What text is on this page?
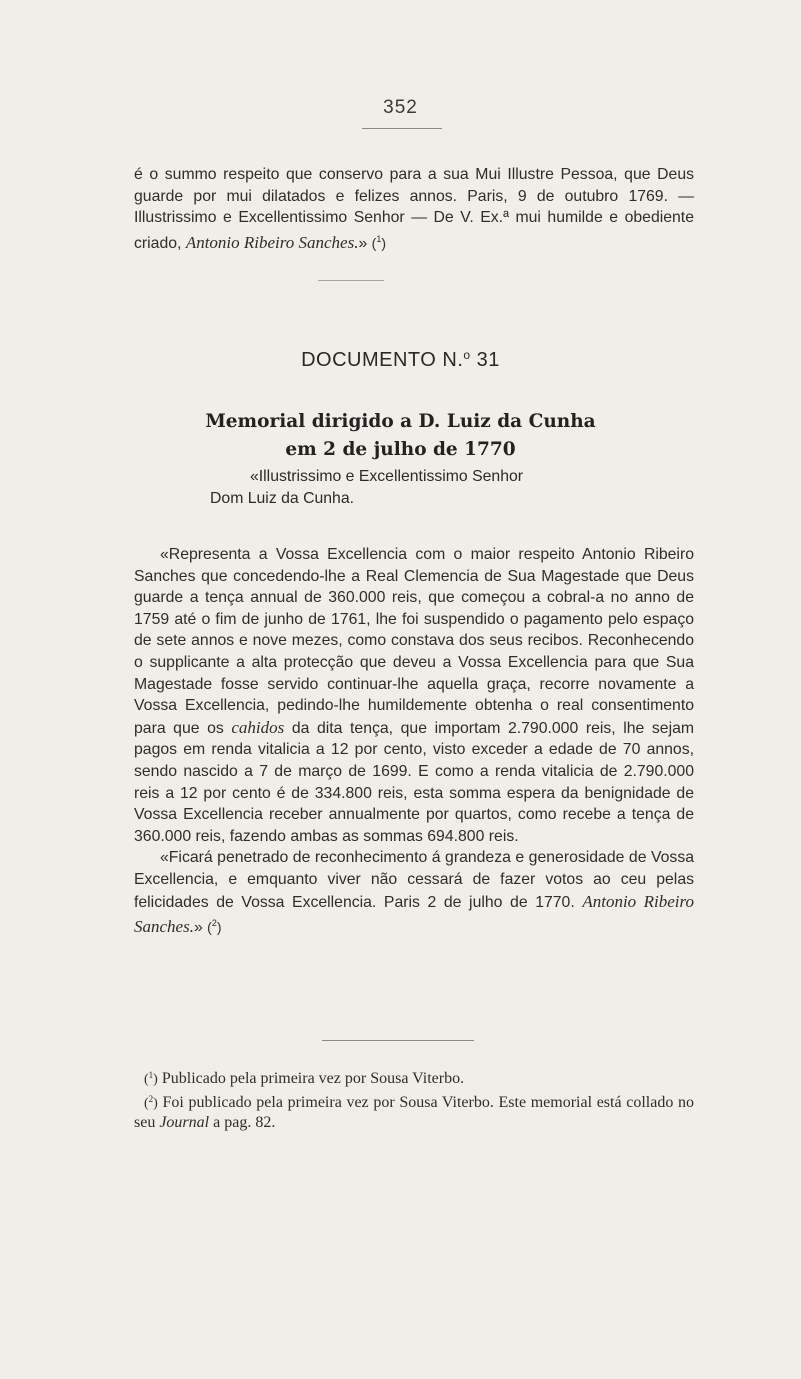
352

é o summo respeito que conservo para a sua Mui Illustre Pessoa, que Deus guarde por mui dilatados e felizes annos. Paris, 9 de outubro 1769. — Illustrissimo e Excellentissimo Senhor — De V. Ex.ª mui humilde e obediente criado, Antonio Ribeiro Sanches.» ($^1$)

DOCUMENTO N.$^o$ 31
Memorial dirigido a D. Luiz da Cunha
em 2 de julho de 1770
«Illustrissimo e Excellentissimo Senhor
Dom Luiz da Cunha.

«Representa a Vossa Excellencia com o maior respeito Antonio Ribeiro Sanches que concedendo-lhe a Real Clemencia de Sua Magestade que Deus guarde a tença annual de 360.000 reis, que começou a cobral-a no anno de 1759 até o fim de junho de 1761, lhe foi suspendido o pagamento pelo espaço de sete annos e nove mezes, como constava dos seus recibos. Reconhecendo o supplicante a alta protecção que deveu a Vossa Excellencia para que Sua Magestade fosse servido continuar-lhe aquella graça, recorre novamente a Vossa Excellencia, pedindo-lhe humildemente obtenha o real consentimento para que os cahidos da dita tença, que importam 2.790.000 reis, lhe sejam pagos em renda vitalicia a 12 por cento, visto exceder a edade de 70 annos, sendo nascido a 7 de março de 1699. E como a renda vitalicia de 2.790.000 reis a 12 por cento é de 334.800 reis, esta somma espera da benignidade de Vossa Excellencia receber annualmente por quartos, como recebe a tença de 360.000 reis, fazendo ambas as sommas 694.800 reis.

«Ficará penetrado de reconhecimento á grandeza e generosidade de Vossa Excellencia, e emquanto viver não cessará de fazer votos ao ceu pelas felicidades de Vossa Excellencia. Paris 2 de julho de 1770. Antonio Ribeiro Sanches.» ($^2$)

($^1$) Publicado pela primeira vez por Sousa Viterbo.

($^2$) Foi publicado pela primeira vez por Sousa Viterbo. Este memorial está collado no seu Journal a pag. 82.
